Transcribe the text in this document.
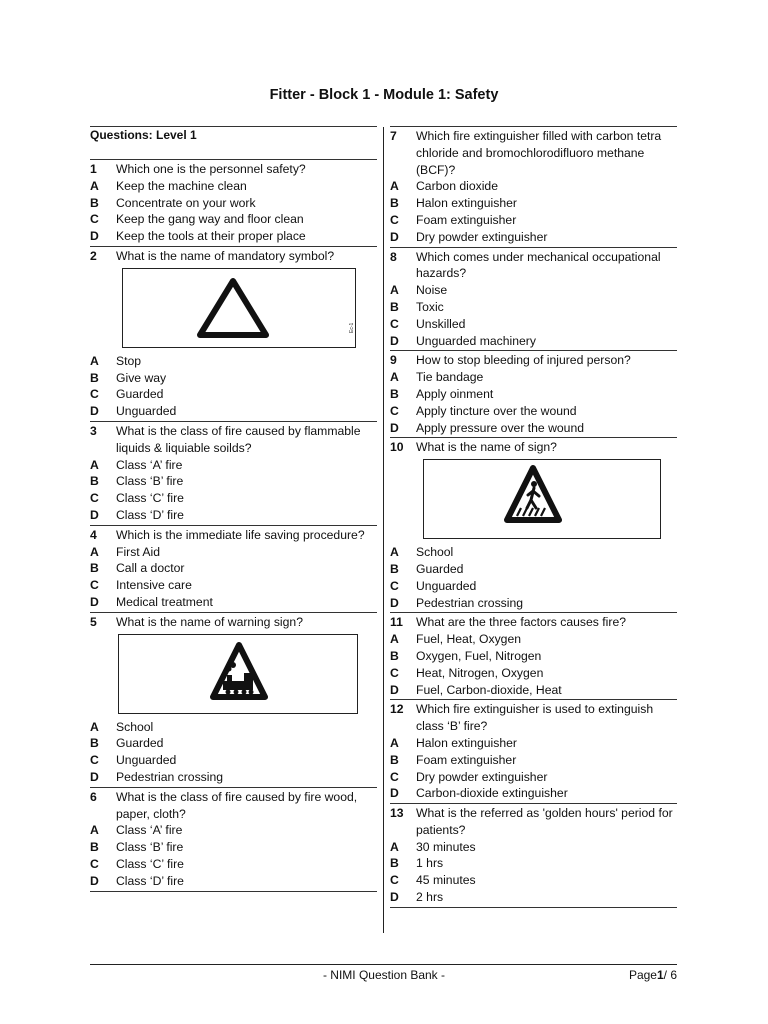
Fitter - Block 1 - Module 1: Safety
Questions: Level 1
1	Which one is the personnel safety?
A	Keep the machine clean
B	Concentrate on your work
C	Keep the gang way and floor clean
D	Keep the tools at their proper place
2	What is the name of mandatory symbol?
Ec-1
A	Stop
B	Give way
C	Guarded
D	Unguarded
3	What is the class of fire caused by flammable liquids & liquiable soilds?
A	Class ‘A’ fire
B	Class ‘B’ fire
C	Class ‘C’ fire
D	Class ‘D’ fire
4	Which is the immediate life saving procedure?
A	First Aid
B	Call a doctor
C	Intensive care
D	Medical treatment
5	What is the name of warning sign?
A	School
B	Guarded
C	Unguarded
D	Pedestrian crossing
6	What is the class of fire caused by fire wood, paper, cloth?
A	Class ‘A’ fire
B	Class ‘B’ fire
C	Class ‘C’ fire
D	Class ‘D’ fire
7	Which fire extinguisher filled with carbon tetra chloride and bromochlorodifluoro methane (BCF)?
A	Carbon dioxide
B	Halon extinguisher
C	Foam extinguisher
D	Dry powder extinguisher
8	Which comes under mechanical occupational hazards?
A	Noise
B	Toxic
C	Unskilled
D	Unguarded machinery
9	How to stop bleeding of injured person?
A	Tie bandage
B	Apply oinment
C	Apply tincture over the wound
D	Apply pressure over the wound
10	What is the name of sign?
A	School
B	Guarded
C	Unguarded
D	Pedestrian crossing
11	What are the three factors causes fire?
A	Fuel, Heat, Oxygen
B	Oxygen, Fuel, Nitrogen
C	Heat, Nitrogen, Oxygen
D	Fuel, Carbon-dioxide, Heat
12	Which fire extinguisher is used to extinguish class ‘B’ fire?
A	Halon extinguisher
B	Foam extinguisher
C	Dry powder extinguisher
D	Carbon-dioxide extinguisher
13	What is the referred as 'golden hours' period for patients?
A	30 minutes
B	1 hrs
C	45 minutes
D	2 hrs
- NIMI Question Bank -	Page1/ 6
